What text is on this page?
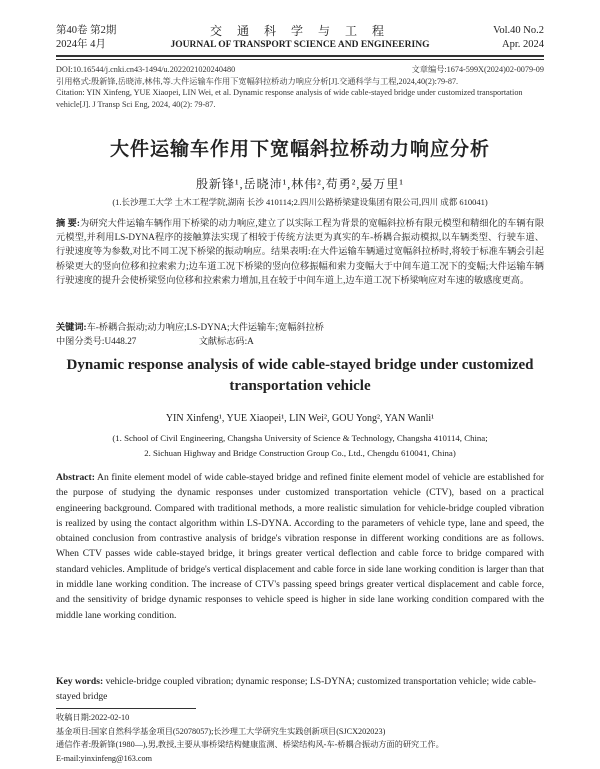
第40卷 第2期
2024年 4月
交 通 科 学 与 工 程
JOURNAL OF TRANSPORT SCIENCE AND ENGINEERING
Vol.40 No.2
Apr. 2024
DOI:10.16544/j.cnki.cn43-1494/u.2022021020240480	文章编号:1674-599X(2024)02-0079-09
引用格式:殷新锋,岳晓沛,林伟,等.大件运输车作用下宽幅斜拉桥动力响应分析[J].交通科学与工程,2024,40(2):79-87.
Citation: YIN Xinfeng, YUE Xiaopei, LIN Wei, et al. Dynamic response analysis of wide cable-stayed bridge under customized transportation vehicle[J]. J Transp Sci Eng, 2024, 40(2): 79-87.
大件运输车作用下宽幅斜拉桥动力响应分析
殷新锋¹,岳晓沛¹,林伟²,苟勇²,晏万里¹
(1.长沙理工大学 土木工程学院,湖南 长沙 410114;2.四川公路桥梁建设集团有限公司,四川 成都 610041)
摘 要:为研究大件运输车辆作用下桥梁的动力响应,建立了以实际工程为背景的宽幅斜拉桥有限元模型和精细化的车辆有限元模型,并利用LS-DYNA程序的接触算法实现了相较于传统方法更为真实的车-桥耦合振动模拟,以车辆类型、行驶车道、行驶速度等为参数,对比不同工况下桥梁的振动响应。结果表明:在大件运输车辆通过宽幅斜拉桥时,将较于标准车辆会引起桥梁更大的竖向位移和拉索索力;边车道工况下桥梁的竖向位移振幅和索力变幅大于中间车道工况下的变幅;大件运输车辆行驶速度的提升会使桥梁竖向位移和拉索索力增加,且在较于中间车道上,边车道工况下桥梁响应对车速的敏感度更高。
关键词:车-桥耦合振动;动力响应;LS-DYNA;大件运输车;宽幅斜拉桥
中图分类号:U448.27	文献标志码:A
Dynamic response analysis of wide cable-stayed bridge under customized transportation vehicle
YIN Xinfeng¹, YUE Xiaopei¹, LIN Wei², GOU Yong², YAN Wanli¹
(1. School of Civil Engineering, Changsha University of Science & Technology, Changsha 410114, China;
2. Sichuan Highway and Bridge Construction Group Co., Ltd., Chengdu 610041, China)
Abstract: An finite element model of wide cable-stayed bridge and refined finite element model of vehicle are established for the purpose of studying the dynamic responses under customized transportation vehicle (CTV), based on a practical engineering background. Compared with traditional methods, a more realistic simulation for vehicle-bridge coupled vibration is realized by using the contact algorithm within LS-DYNA. According to the parameters of vehicle type, lane and speed, the obtained conclusion from contrastive analysis of bridge's vibration response in different working conditions are as follows. When CTV passes wide cable-stayed bridge, it brings greater vertical deflection and cable force to bridge compared with standard vehicles. Amplitude of bridge's vertical displacement and cable force in side lane working condition is larger than that in middle lane working condition. The increase of CTV's passing speed brings greater vertical displacement and cable force, and the sensitivity of bridge dynamic responses to vehicle speed is higher in side lane working condition compared with the middle lane working condition.
Key words: vehicle-bridge coupled vibration; dynamic response; LS-DYNA; customized transportation vehicle; wide cable-stayed bridge
收稿日期:2022-02-10
基金项目:国家自然科学基金项目(52078057);长沙理工大学研究生实践创新项目(SJCX202023)
通信作者:殷新锋(1980—),男,教授,主要从事桥梁结构健康监测、桥梁结构风-车-桥耦合振动方面的研究工作。
E-mail:yinxinfeng@163.com
